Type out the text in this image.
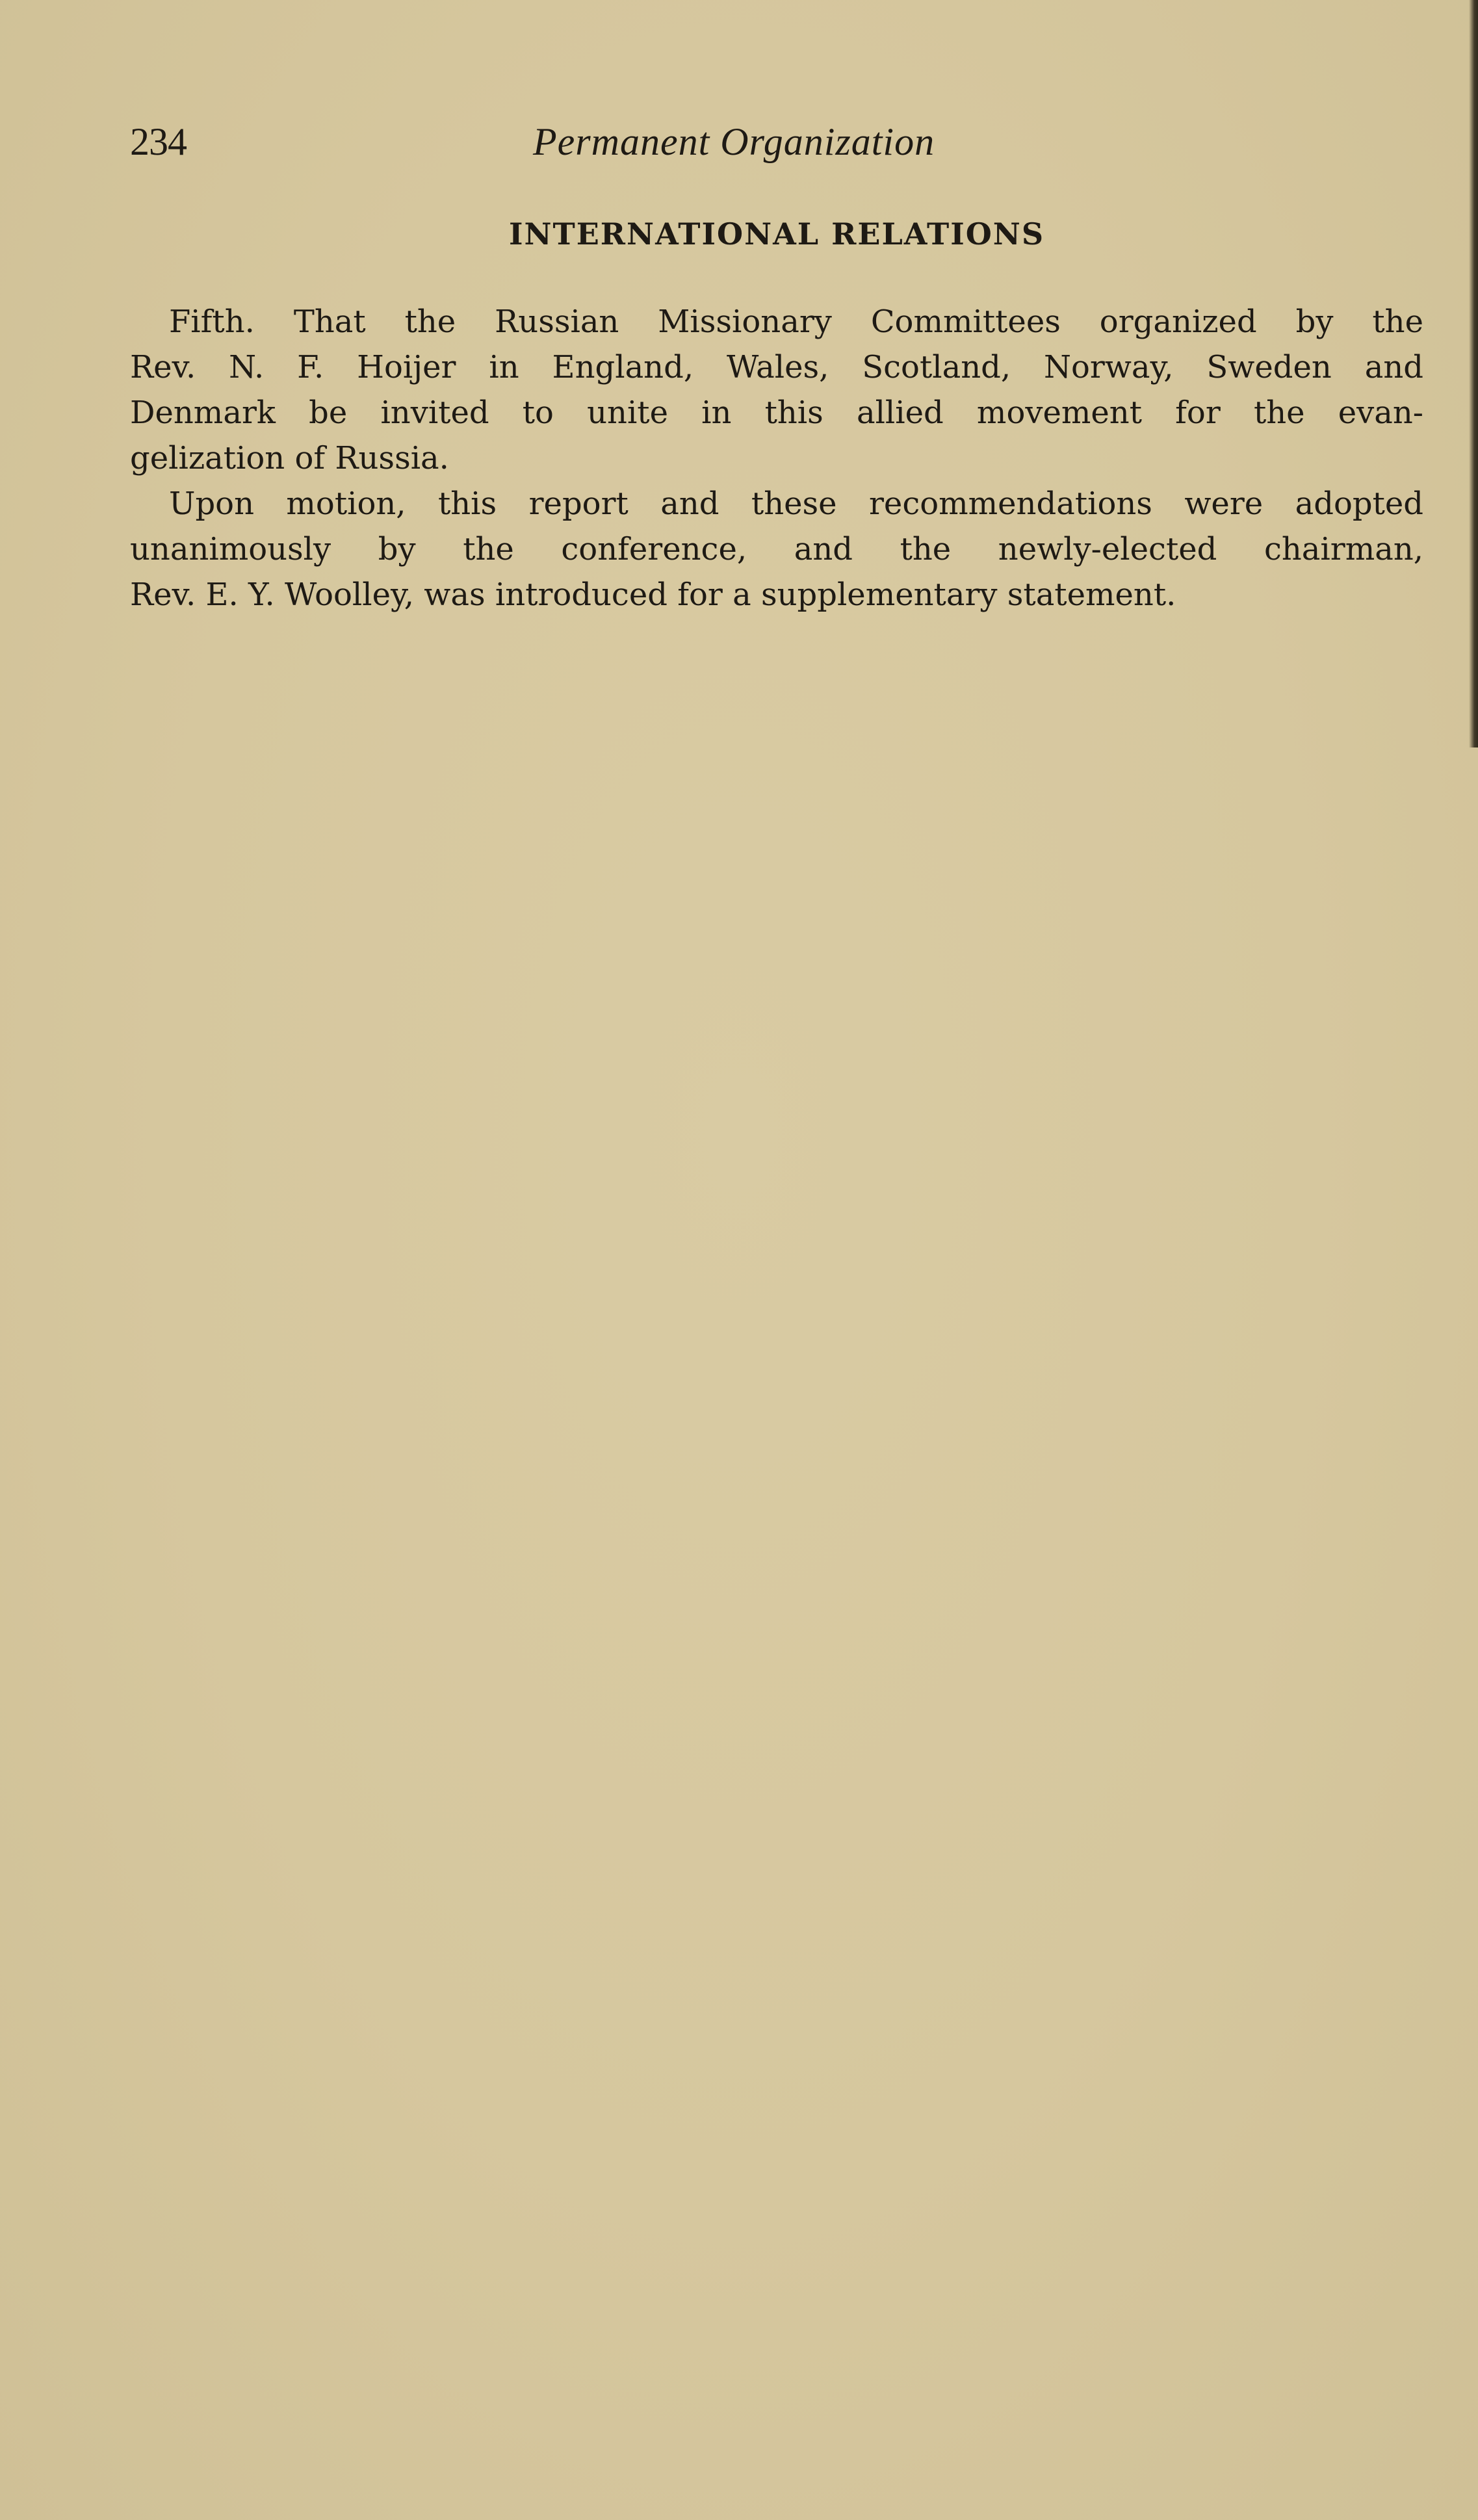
234	Permanent Organization
INTERNATIONAL RELATIONS
Fifth. That the Russian Missionary Committees organized by the
Rev. N. F. Hoijer in England, Wales, Scotland, Norway, Sweden and
Denmark be invited to unite in this allied movement for the evan-
gelization of Russia.
Upon motion, this report and these recommendations were adopted
unanimously by the conference, and the newly-elected chairman,
Rev. E. Y. Woolley, was introduced for a supplementary statement.
